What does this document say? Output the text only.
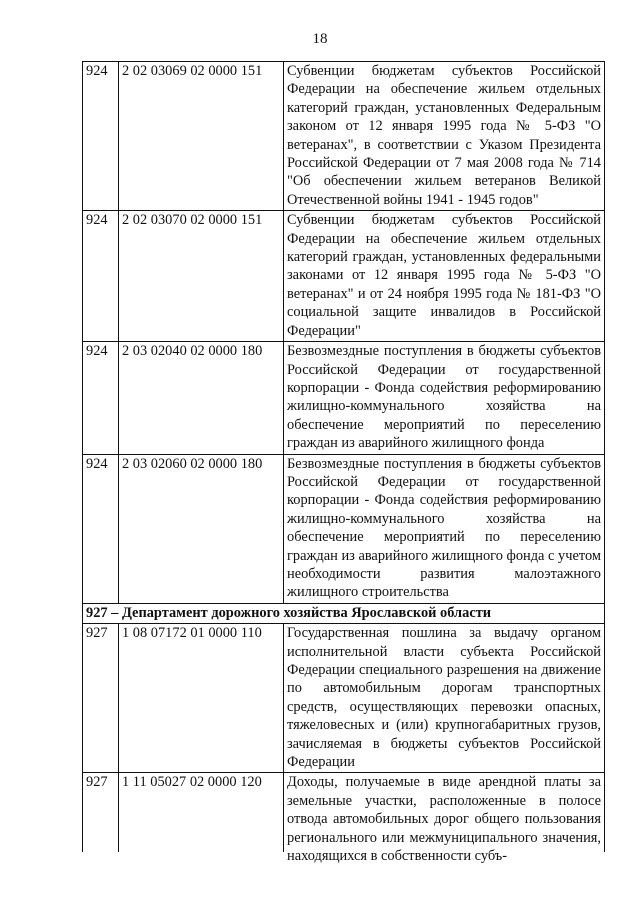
18
924	2 02 03069 02 0000 151	Субвенции бюджетам субъектов Российской Федерации на обеспечение жильем отдельных категорий граждан, установленных Федеральным законом от 12 января 1995 года № 5-ФЗ "О ветеранах", в соответствии с Указом Президента Российской Федерации от 7 мая 2008 года № 714 "Об обеспечении жильем ветеранов Великой Отечественной войны 1941 - 1945 годов"
924	2 02 03070 02 0000 151	Субвенции бюджетам субъектов Российской Федерации на обеспечение жильем отдельных категорий граждан, установленных федеральными законами от 12 января 1995 года № 5-ФЗ "О ветеранах" и от 24 ноября 1995 года № 181-ФЗ "О социальной защите инвалидов в Российской Федерации"
924	2 03 02040 02 0000 180	Безвозмездные поступления в бюджеты субъектов Российской Федерации от государственной корпорации - Фонда содействия реформированию жилищно-коммунального хозяйства на обеспечение мероприятий по переселению граждан из аварийного жилищного фонда
924	2 03 02060 02 0000 180	Безвозмездные поступления в бюджеты субъектов Российской Федерации от государственной корпорации - Фонда содействия реформированию жилищно-коммунального хозяйства на обеспечение мероприятий по переселению граждан из аварийного жилищного фонда с учетом необходимости развития малоэтажного жилищного строительства
927 – Департамент дорожного хозяйства Ярославской области		
927	1 08 07172 01 0000 110	Государственная пошлина за выдачу органом исполнительной власти субъекта Российской Федерации специального разрешения на движение по автомобильным дорогам транспортных средств, осуществляющих перевозки опасных, тяжеловесных и (или) крупногабаритных грузов, зачисляемая в бюджеты субъектов Российской Федерации
927	1 11 05027 02 0000 120	Доходы, получаемые в виде арендной платы за земельные участки, расположенные в полосе отвода автомобильных дорог общего пользования регионального или межмуниципального значения, находящихся в собственности субъ-
